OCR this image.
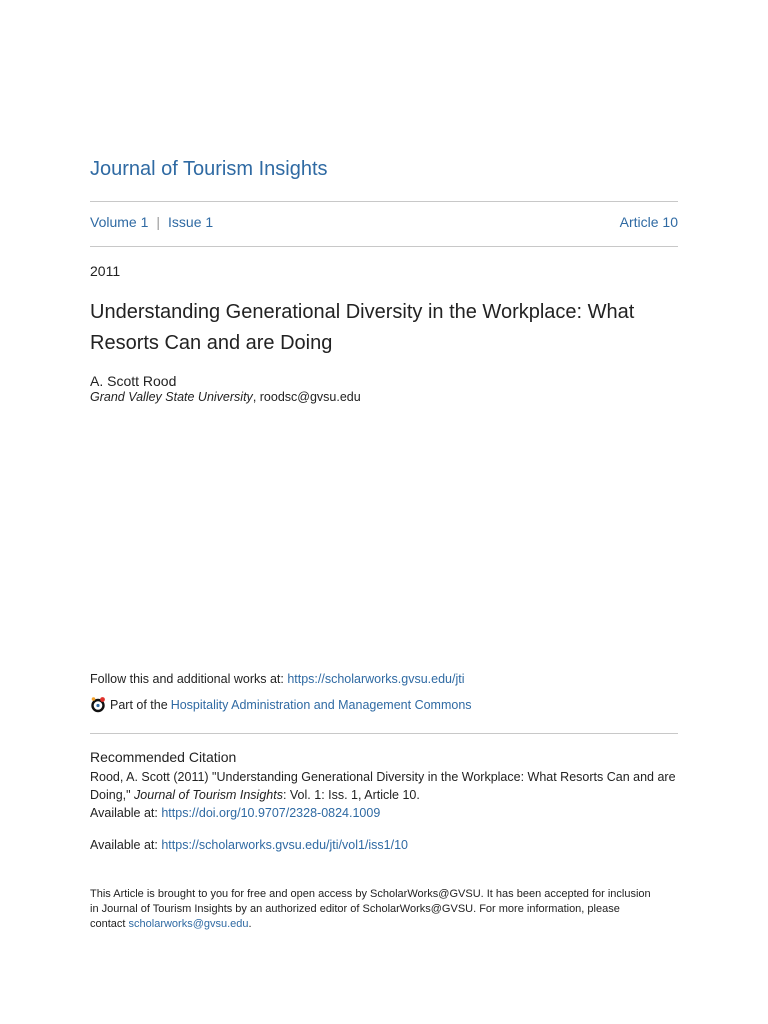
Journal of Tourism Insights
Volume 1 | Issue 1	Article 10
2011
Understanding Generational Diversity in the Workplace: What Resorts Can and are Doing
A. Scott Rood
Grand Valley State University, roodsc@gvsu.edu
Follow this and additional works at: https://scholarworks.gvsu.edu/jti
Part of the Hospitality Administration and Management Commons
Recommended Citation
Rood, A. Scott (2011) "Understanding Generational Diversity in the Workplace: What Resorts Can and are
Doing," Journal of Tourism Insights: Vol. 1: Iss. 1, Article 10.
Available at: https://doi.org/10.9707/2328-0824.1009
Available at: https://scholarworks.gvsu.edu/jti/vol1/iss1/10
This Article is brought to you for free and open access by ScholarWorks@GVSU. It has been accepted for inclusion
in Journal of Tourism Insights by an authorized editor of ScholarWorks@GVSU. For more information, please
contact scholarworks@gvsu.edu.
